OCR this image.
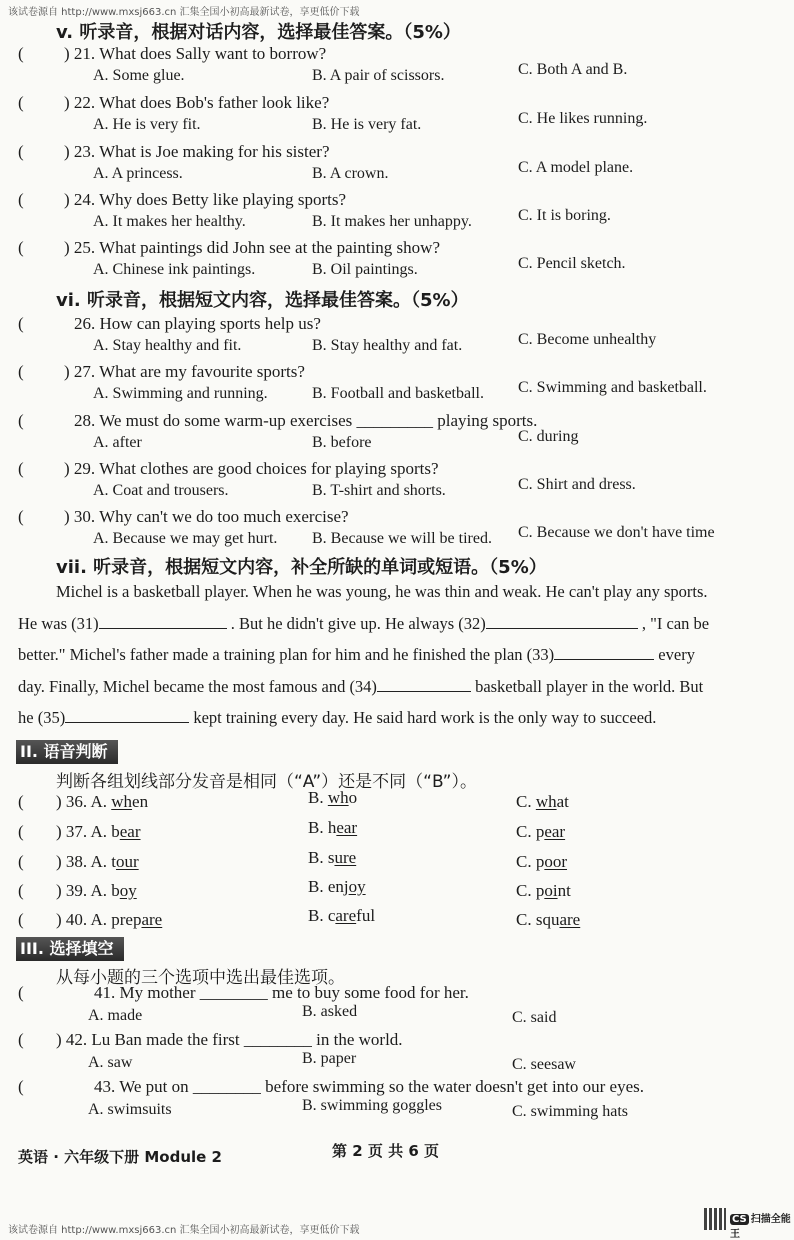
该试卷源自 http://www.mxsj663.cn 汇集全国小初高最新试卷，享更低价下载
v. 听录音，根据对话内容，选择最佳答案。（5%）
( ) 21. What does Sally want to borrow?
A. Some glue.	B. A pair of scissors.	C. Both A and B.
( ) 22. What does Bob's father look like?
A. He is very fit.	B. He is very fat.	C. He likes running.
( ) 23. What is Joe making for his sister?
A. A princess.	B. A crown.	C. A model plane.
( ) 24. Why does Betty like playing sports?
A. It makes her healthy.	B. It makes her unhappy.	C. It is boring.
( ) 25. What paintings did John see at the painting show?
A. Chinese ink paintings.	B. Oil paintings.	C. Pencil sketch.
(	26. How can playing sports help us?
A. Stay healthy and fit.	B. Stay healthy and fat.	C. Become unhealthy
( ) 27. What are my favourite sports?
A. Swimming and running.	B. Football and basketball. C. Swimming and basketball.
(	28. We must do some warm-up exercises _________ playing sports.
A. after	B. before	C. during
( ) 29. What clothes are good choices for playing sports?
A. Coat and trousers.	B. T-shirt and shorts.	C. Shirt and dress.
( ) 30. Why can't we do too much exercise?
A. Because we may get hurt. B. Because we will be tired. C. Because we don't have time
vi. 听录音，根据短文内容，选择最佳答案。（5%）
vii. 听录音，根据短文内容，补全所缺的单词或短语。（5%）
Michel is a basketball player. When he was young, he was thin and weak. He can't play any sports.
He was (31)	. But he didn't give up. He always (32)	, "I can be
better." Michel's father made a training plan for him and he finished the plan (33)	every
day. Finally, Michel became the most famous and (34)	basketball player in the world. But
he (35)	kept training every day. He said hard work is the only way to succeed.
II. 语音判断
判断各组划线部分发音是相同（“A”）还是不同（“B”）。
( ) 36. A. when	B. who	C. what
( ) 37. A. bear	B. hear	C. pear
( ) 38. A. tour	B. sure	C. poor
( ) 39. A. boy	B. enjoy	C. point
( ) 40. A. prepare	B. careful	C. square
III. 选择填空
从每小题的三个选项中选出最佳选项。
(	41. My mother ________ me to buy some food for her.
A. made	B. asked	C. said
( ) 42. Lu Ban made the first ________ in the world.
A. saw	B. paper	C. seesaw
(	43. We put on ________ before swimming so the water doesn't get into our eyes.
A. swimsuits	B. swimming goggles	C. swimming hats
英语 · 六年级下册 Module 2	第 2 页 共 6 页
CS 扫描全能王
该试卷源自 http://www.mxsj663.cn 汇集全国小初高最新试卷，享更低价下载
